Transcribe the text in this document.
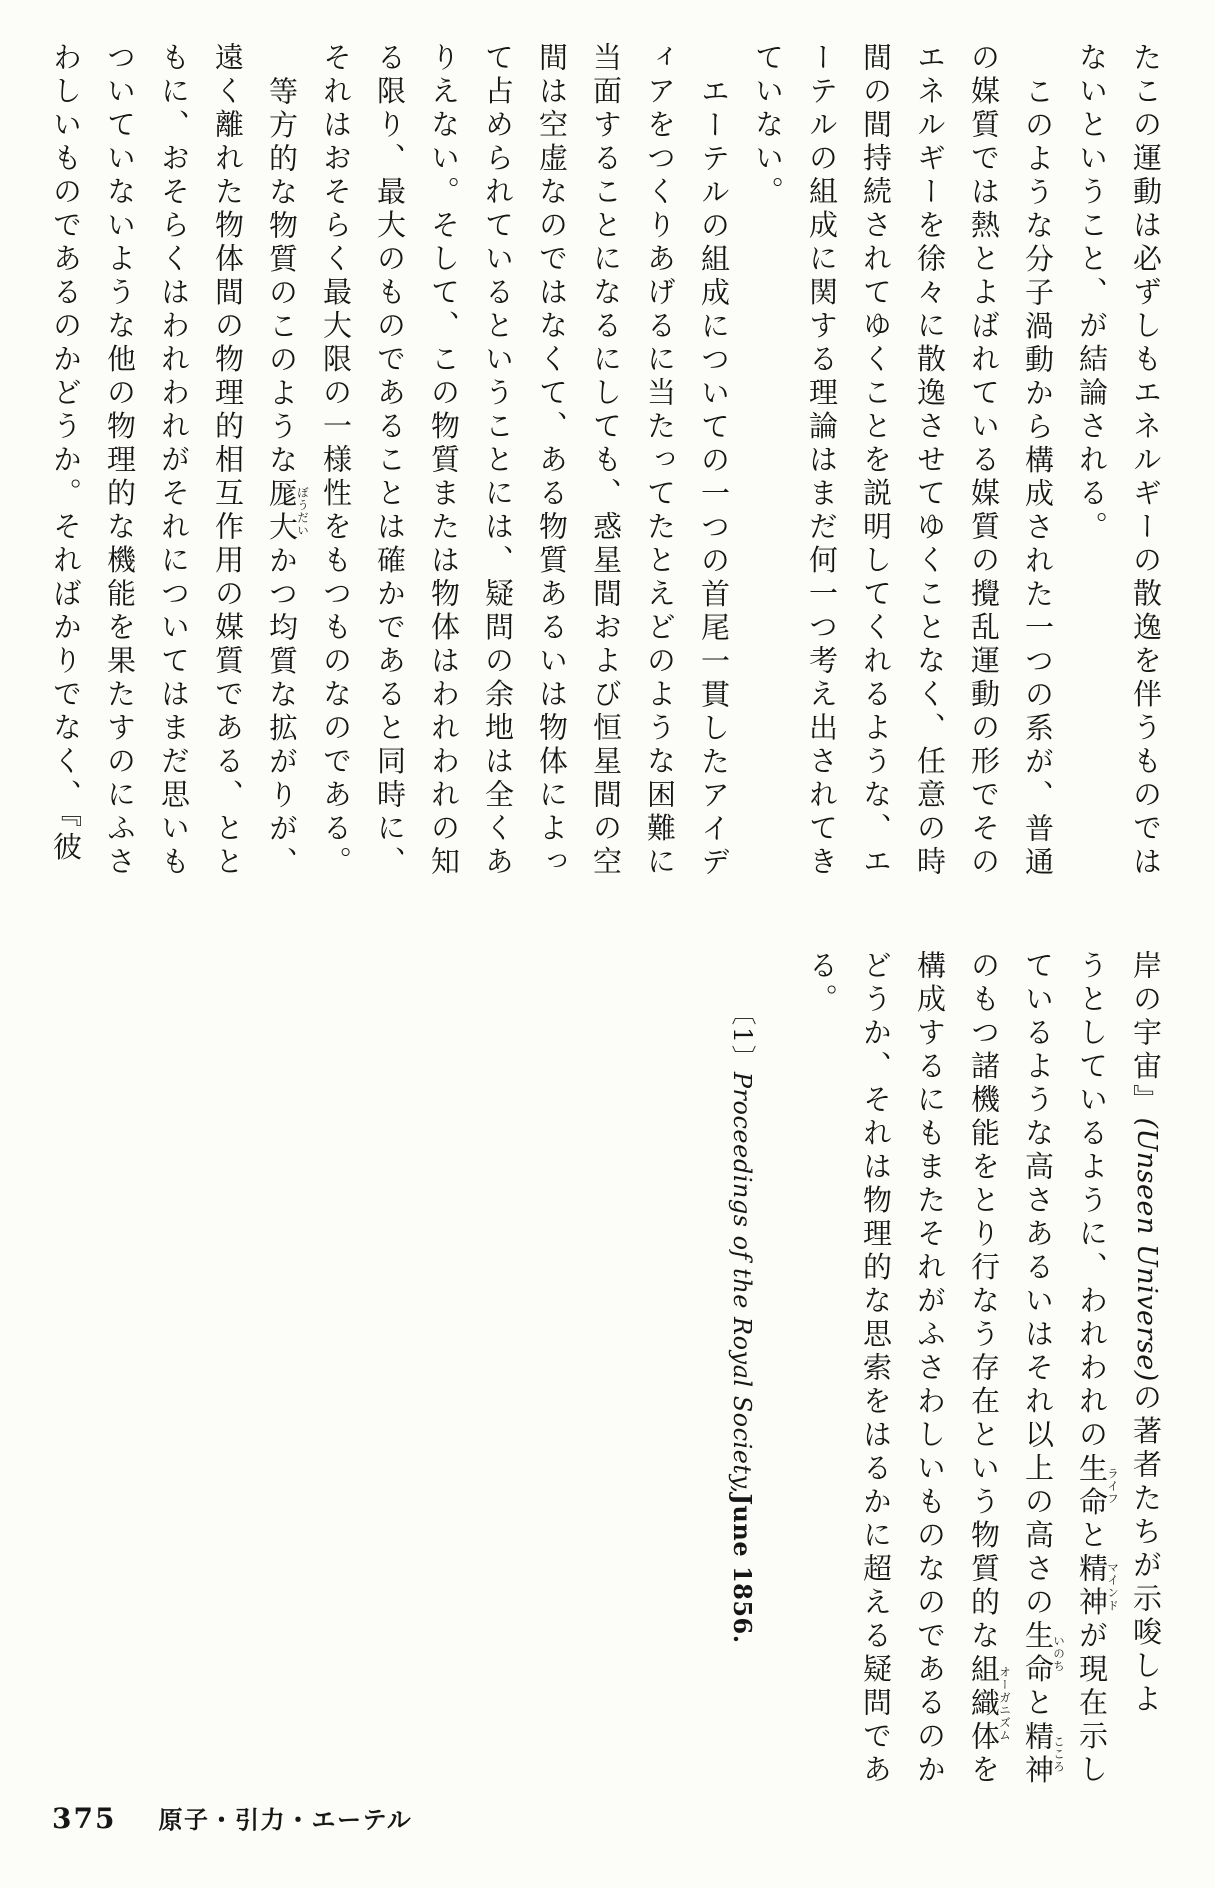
たこの運動は必ずしもエネルギーの散逸を伴うものでは

ないということ、が結論される。

このような分子渦動から構成された一つの系が、普通

の媒質では熱とよばれている媒質の攪乱運動の形でその

エネルギーを徐々に散逸させてゆくことなく、任意の時

間の間持続されてゆくことを説明してくれるような、エ

ーテルの組成に関する理論はまだ何一つ考え出されてき

ていない。

エーテルの組成についての一つの首尾一貫したアイデ

ィアをつくりあげるに当たってたとえどのような困難に

当面することになるにしても、惑星間および恒星間の空

間は空虚なのではなくて、ある物質あるいは物体によっ

て占められているということには、疑問の余地は全くあ

りえない。そして、この物質または物体はわれわれの知

る限り、最大のものであることは確かであると同時に、

それはおそらく最大限の一様性をもつものなのである。

等方的な物質のこのような厖大ぼうだいかつ均質な拡がりが、

遠く離れた物体間の物理的相互作用の媒質である、とと

もに、おそらくはわれわれがそれについてはまだ思いも

ついていないような他の物理的な機能を果たすのにふさ

わしいものであるのかどうか。そればかりでなく、『彼

岸の宇宙』(Unseen Universe)の著者たちが示唆しよ

うとしているように、われわれの生命ライフと精神マインドが現在示し

ているような高さあるいはそれ以上の高さの生命いのちと精神こころ

のもつ諸機能をとり行なう存在という物質的な組織体オーガニズムを

構成するにもまたそれがふさわしいものなのであるのか

どうか、それは物理的な思索をはるかに超える疑問であ

る。

〔1〕Proceedings of the Royal Society,June 1856.

375 原子・引力・エーテル
